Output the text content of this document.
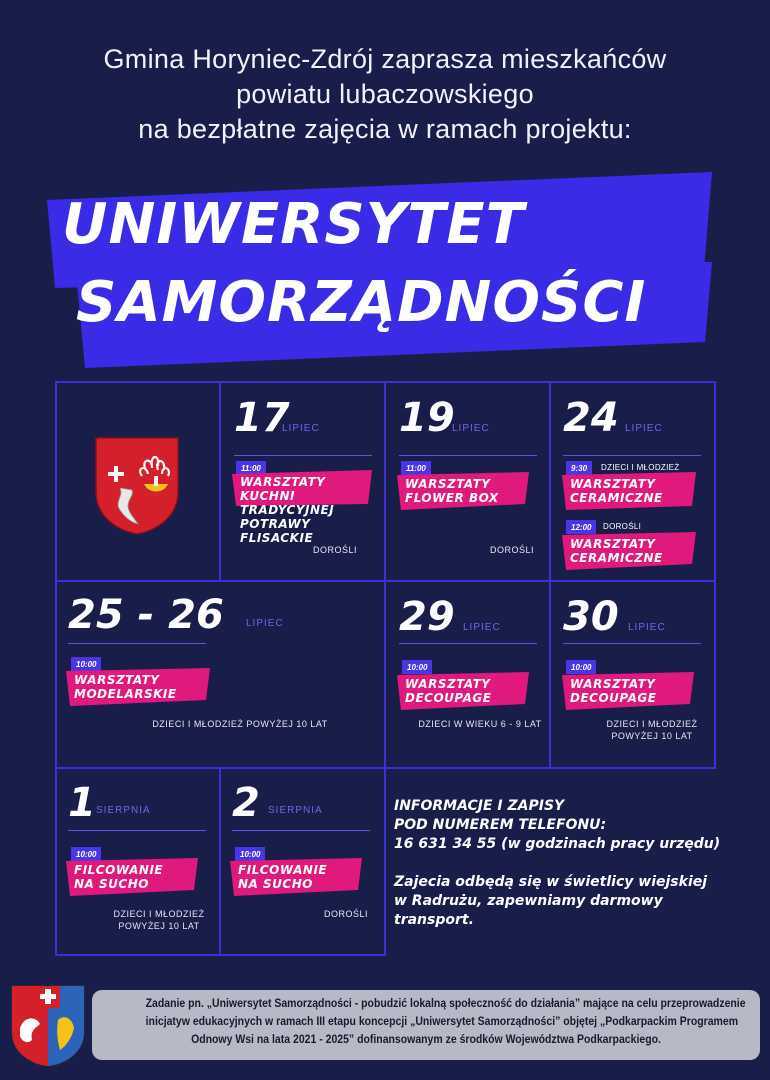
Gmina Horyniec-Zdrój zaprasza mieszkańców
powiatu lubaczowskiego
na bezpłatne zajęcia w ramach projektu:
UNIWERSYTET
SAMORZĄDNOŚCI
17
LIPIEC
11:00
WARSZTATY KUCHNI
TRADYCYJNEJ
POTRAWY FLISACKIE
DOROŚLI
19
LIPIEC
11:00
WARSZTATY
FLOWER BOX
DOROŚLI
24 LIPIEC
9:30	DZIECI I MŁODZIEŻ
WARSZTATY
CERAMICZNE
12:00	DOROŚLI
WARSZTATY
CERAMICZNE
25 - 26 LIPIEC
10:00
WARSZTATY
MODELARSKIE
DZIECI I MŁODZIEŻ POWYŻEJ 10 LAT
29 LIPIEC
10:00
WARSZTATY
DECOUPAGE
DZIECI W WIEKU 6 - 9 LAT
30 LIPIEC
10:00
WARSZTATY
DECOUPAGE
DZIECI I MŁODZIEŻ
POWYŻEJ 10 LAT
1 SIERPNIA
10:00
FILCOWANIE
NA SUCHO
DZIECI I MŁODZIEŻ
POWYŻEJ 10 LAT
2 SIERPNIA
10:00
FILCOWANIE
NA SUCHO
DOROŚLI
INFORMACJE I ZAPISY
POD NUMEREM TELEFONU:
16 631 34 55 (w godzinach pracy urzędu)
Zajecia odbędą się w świetlicy wiejskiej
w Radrużu, zapewniamy darmowy
transport.
Zadanie pn. „Uniwersytet Samorządności - pobudzić lokalną społeczność do działania” mające na celu przeprowadzenie
inicjatyw edukacyjnych w ramach III etapu koncepcji „Uniwersytet Samorządności” objętej „Podkarpackim Programem
Odnowy Wsi na lata 2021 - 2025” dofinansowanym ze środków Województwa Podkarpackiego.
